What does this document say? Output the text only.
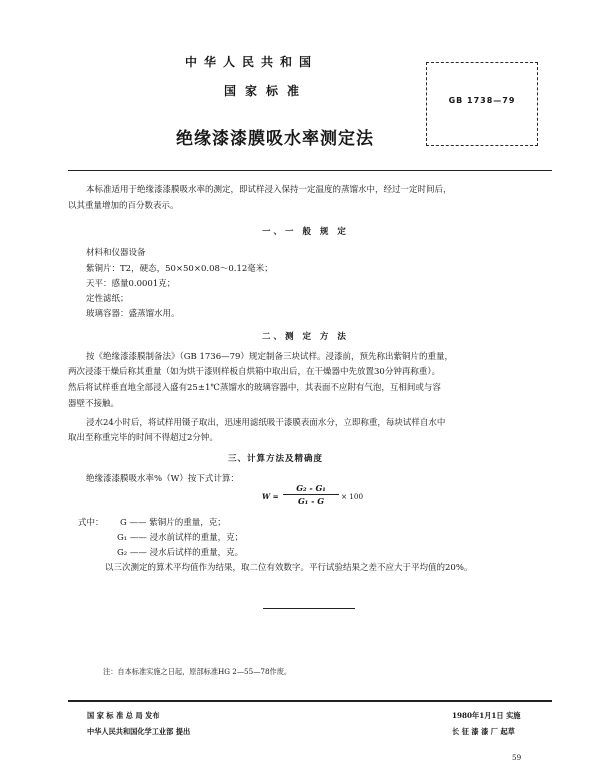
中华人民共和国
国家标准
绝缘漆漆膜吸水率测定法
GB 1738—79
本标准适用于绝缘漆漆膜吸水率的测定，即试样浸入保持一定温度的蒸馏水中，经过一定时间后，
以其重量增加的百分数表示。
一、一 般 规 定
材料和仪器设备
紫铜片：T2，硬态，50×50×0.08～0.12毫米；
天平：感量0.0001克；
定性滤纸；
玻璃容器：盛蒸馏水用。
二、测 定 方 法
按《绝缘漆漆膜制备法》（GB 1736—79）规定制备三块试样。浸漆前，预先称出紫铜片的重量，
两次浸漆干燥后称其重量（如为烘干漆则样板自烘箱中取出后，在干燥器中先放置30分钟再称重）。
然后将试样垂直地全部浸入盛有25±1℃蒸馏水的玻璃容器中，其表面不应附有气泡，互相间或与容
器壁不接触。
浸水24小时后，将试样用镊子取出，迅速用滤纸吸干漆膜表面水分，立即称重，每块试样自水中
取出至称重完毕的时间不得超过2分钟。
三、计算方法及精确度
绝缘漆漆膜吸水率%（W）按下式计算：
W =
G₂ - G₁
G₁ - G	× 100
式中： G —— 紫铜片的重量，克；
G₁ —— 浸水前试样的重量，克；
G₂ —— 浸水后试样的重量，克。
以三次测定的算术平均值作为结果，取二位有效数字。平行试验结果之差不应大于平均值的20%。
注：自本标准实施之日起，原部标准HG 2—55—78作废。
国 家 标 准 总 局 发布
中华人民共和国化学工业部 提出
1980年1月1日 实施
长 征 漆 漆 厂 起草
59
